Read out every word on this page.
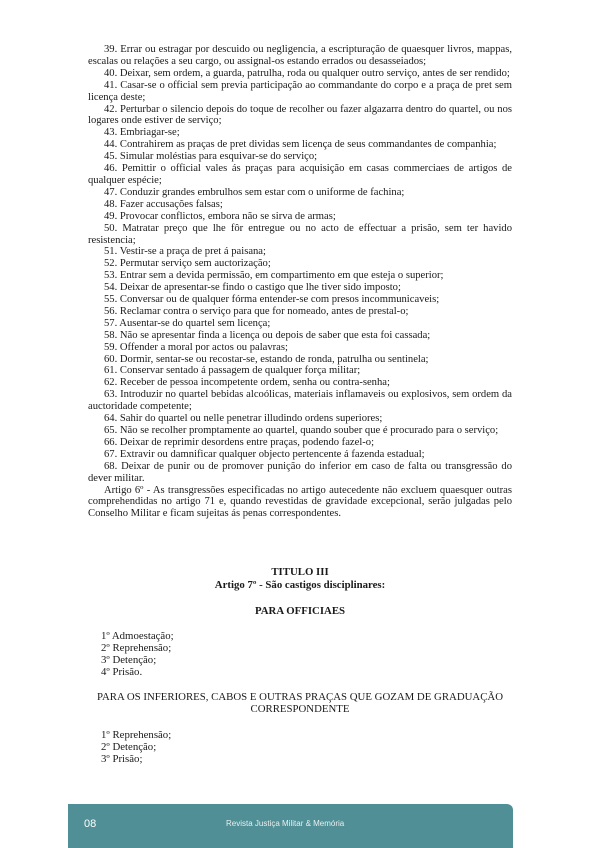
39. Errar ou estragar por descuido ou negligencia, a escripturação de quaesquer livros, mappas, escalas ou relações a seu cargo, ou assignal-os estando errados ou desasseiados;

40. Deixar, sem ordem, a guarda, patrulha, roda ou qualquer outro serviço, antes de ser rendido;

41. Casar-se o official sem previa participação ao commandante do corpo e a praça de pret sem licença deste;

42. Perturbar o silencio depois do toque de recolher ou fazer algazarra dentro do quartel, ou nos logares onde estiver de serviço;

43. Embriagar-se;

44. Contrahirem as praças de pret dividas sem licença de seus commandantes de companhia;

45. Simular moléstias para esquivar-se do serviço;

46. Pemittir o official vales ás praças para acquisição em casas commerciaes de artigos de qualquer espécie;

47. Conduzir grandes embrulhos sem estar com o uniforme de fachina;

48. Fazer accusações falsas;

49. Provocar conflictos, embora não se sirva de armas;

50. Matratar preço que lhe fôr entregue ou no acto de effectuar a prisão, sem ter havido resistencia;

51. Vestir-se a praça de pret á paisana;

52. Permutar serviço sem auctorização;

53. Entrar sem a devida permissão, em compartimento em que esteja o superior;

54. Deixar de apresentar-se findo o castigo que lhe tiver sido imposto;

55. Conversar ou de qualquer fórma entender-se com presos incommunicaveis;

56. Reclamar contra o serviço para que for nomeado, antes de prestal-o;

57. Ausentar-se do quartel sem licença;

58. Não se apresentar finda a licença ou depois de saber que esta foi cassada;

59. Offender a moral por actos ou palavras;

60. Dormir, sentar-se ou recostar-se, estando de ronda, patrulha ou sentinela;

61. Conservar sentado á passagem de qualquer força militar;

62. Receber de pessoa incompetente ordem, senha ou contra-senha;

63. Introduzir no quartel bebidas alcoólicas, materiais inflamaveis ou explosivos, sem ordem da auctoridade competente;

64. Sahir do quartel ou nelle penetrar illudindo ordens superiores;

65. Não se recolher promptamente ao quartel, quando souber que é procurado para o serviço;

66. Deixar de reprimir desordens entre praças, podendo fazel-o;

67. Extravir ou damnificar qualquer objecto pertencente á fazenda estadual;

68. Deixar de punir ou de promover punição do inferior em caso de falta ou transgressão do dever militar.

Artigo 6º - As transgressões especificadas no artigo autecedente não excluem quaesquer outras comprehendidas no artigo 71 e, quando revestidas de gravidade excepcional, serão julgadas pelo Conselho Militar e ficam sujeitas ás penas correspondentes.

TITULO III
Artigo 7º - São castigos disciplinares:
PARA OFFICIAES
1º Admoestação;
2º Reprehensão;
3º Detenção;
4º Prisão.
PARA OS INFERIORES, CABOS E OUTRAS PRAÇAS QUE GOZAM DE GRADUAÇÃO
CORRESPONDENTE
1º Reprehensão;
2º Detenção;
3º Prisão;
08	Revista Justiça Militar & Memória
